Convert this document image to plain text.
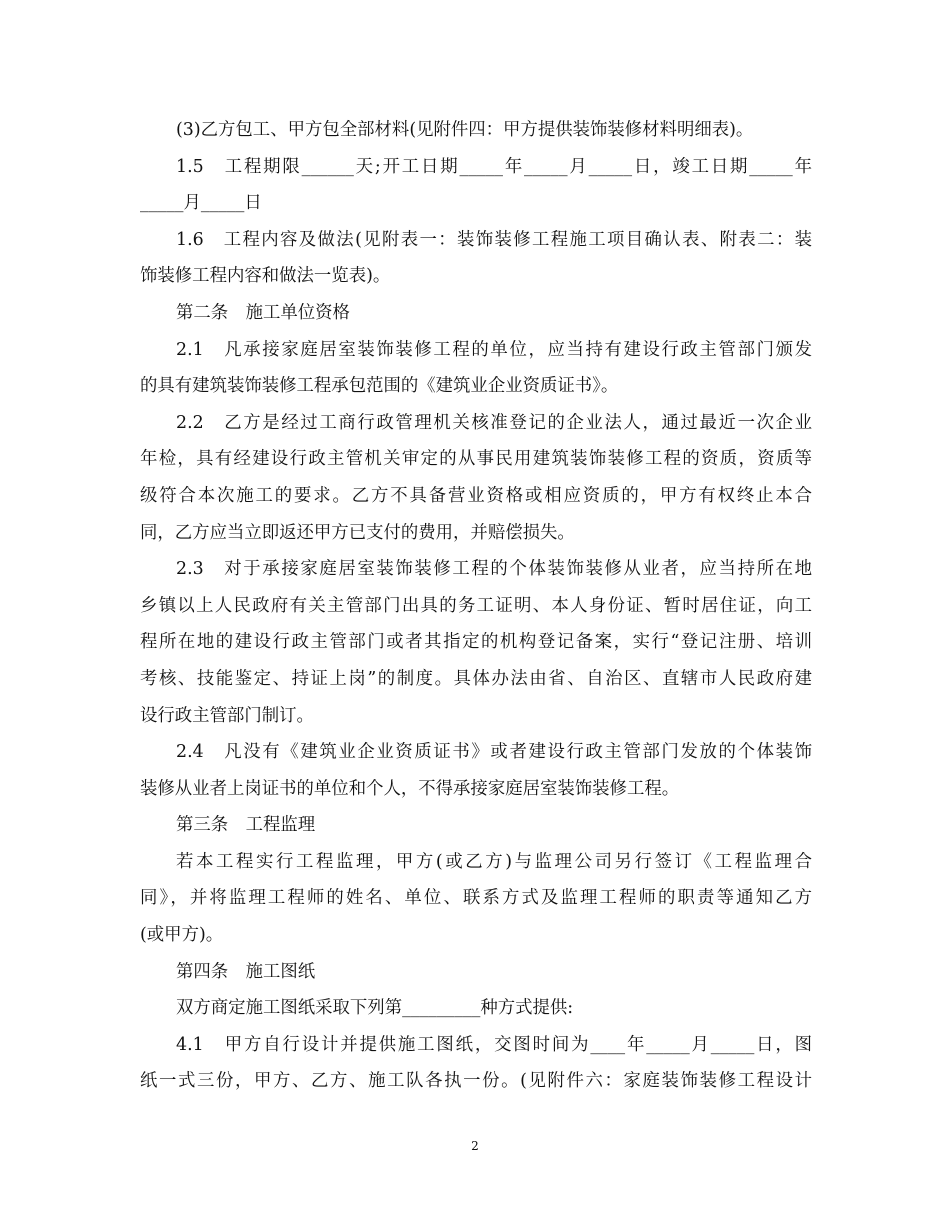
(3)乙方包工、甲方包全部材料(见附件四：甲方提供装饰装修材料明细表)。
1.5　工程期限______天;开工日期_____年_____月_____日，竣工日期_____年
_____月_____日
1.6　工程内容及做法(见附表一：装饰装修工程施工项目确认表、附表二：装
饰装修工程内容和做法一览表)。
第二条　施工单位资格
2.1　凡承接家庭居室装饰装修工程的单位，应当持有建设行政主管部门颁发
的具有建筑装饰装修工程承包范围的《建筑业企业资质证书》。
2.2　乙方是经过工商行政管理机关核准登记的企业法人，通过最近一次企业
年检，具有经建设行政主管机关审定的从事民用建筑装饰装修工程的资质，资质等
级符合本次施工的要求。乙方不具备营业资格或相应资质的，甲方有权终止本合
同，乙方应当立即返还甲方已支付的费用，并赔偿损失。
2.3　对于承接家庭居室装饰装修工程的个体装饰装修从业者，应当持所在地
乡镇以上人民政府有关主管部门出具的务工证明、本人身份证、暂时居住证，向工
程所在地的建设行政主管部门或者其指定的机构登记备案，实行“登记注册、培训
考核、技能鉴定、持证上岗”的制度。具体办法由省、自治区、直辖市人民政府建
设行政主管部门制订。
2.4　凡没有《建筑业企业资质证书》或者建设行政主管部门发放的个体装饰
装修从业者上岗证书的单位和个人，不得承接家庭居室装饰装修工程。
第三条　工程监理
若本工程实行工程监理，甲方(或乙方)与监理公司另行签订《工程监理合
同》，并将监理工程师的姓名、单位、联系方式及监理工程师的职责等通知乙方
(或甲方)。
第四条　施工图纸
双方商定施工图纸采取下列第_________种方式提供:
4.1　甲方自行设计并提供施工图纸，交图时间为____年_____月_____日，图
纸一式三份，甲方、乙方、施工队各执一份。(见附件六：家庭装饰装修工程设计
2
